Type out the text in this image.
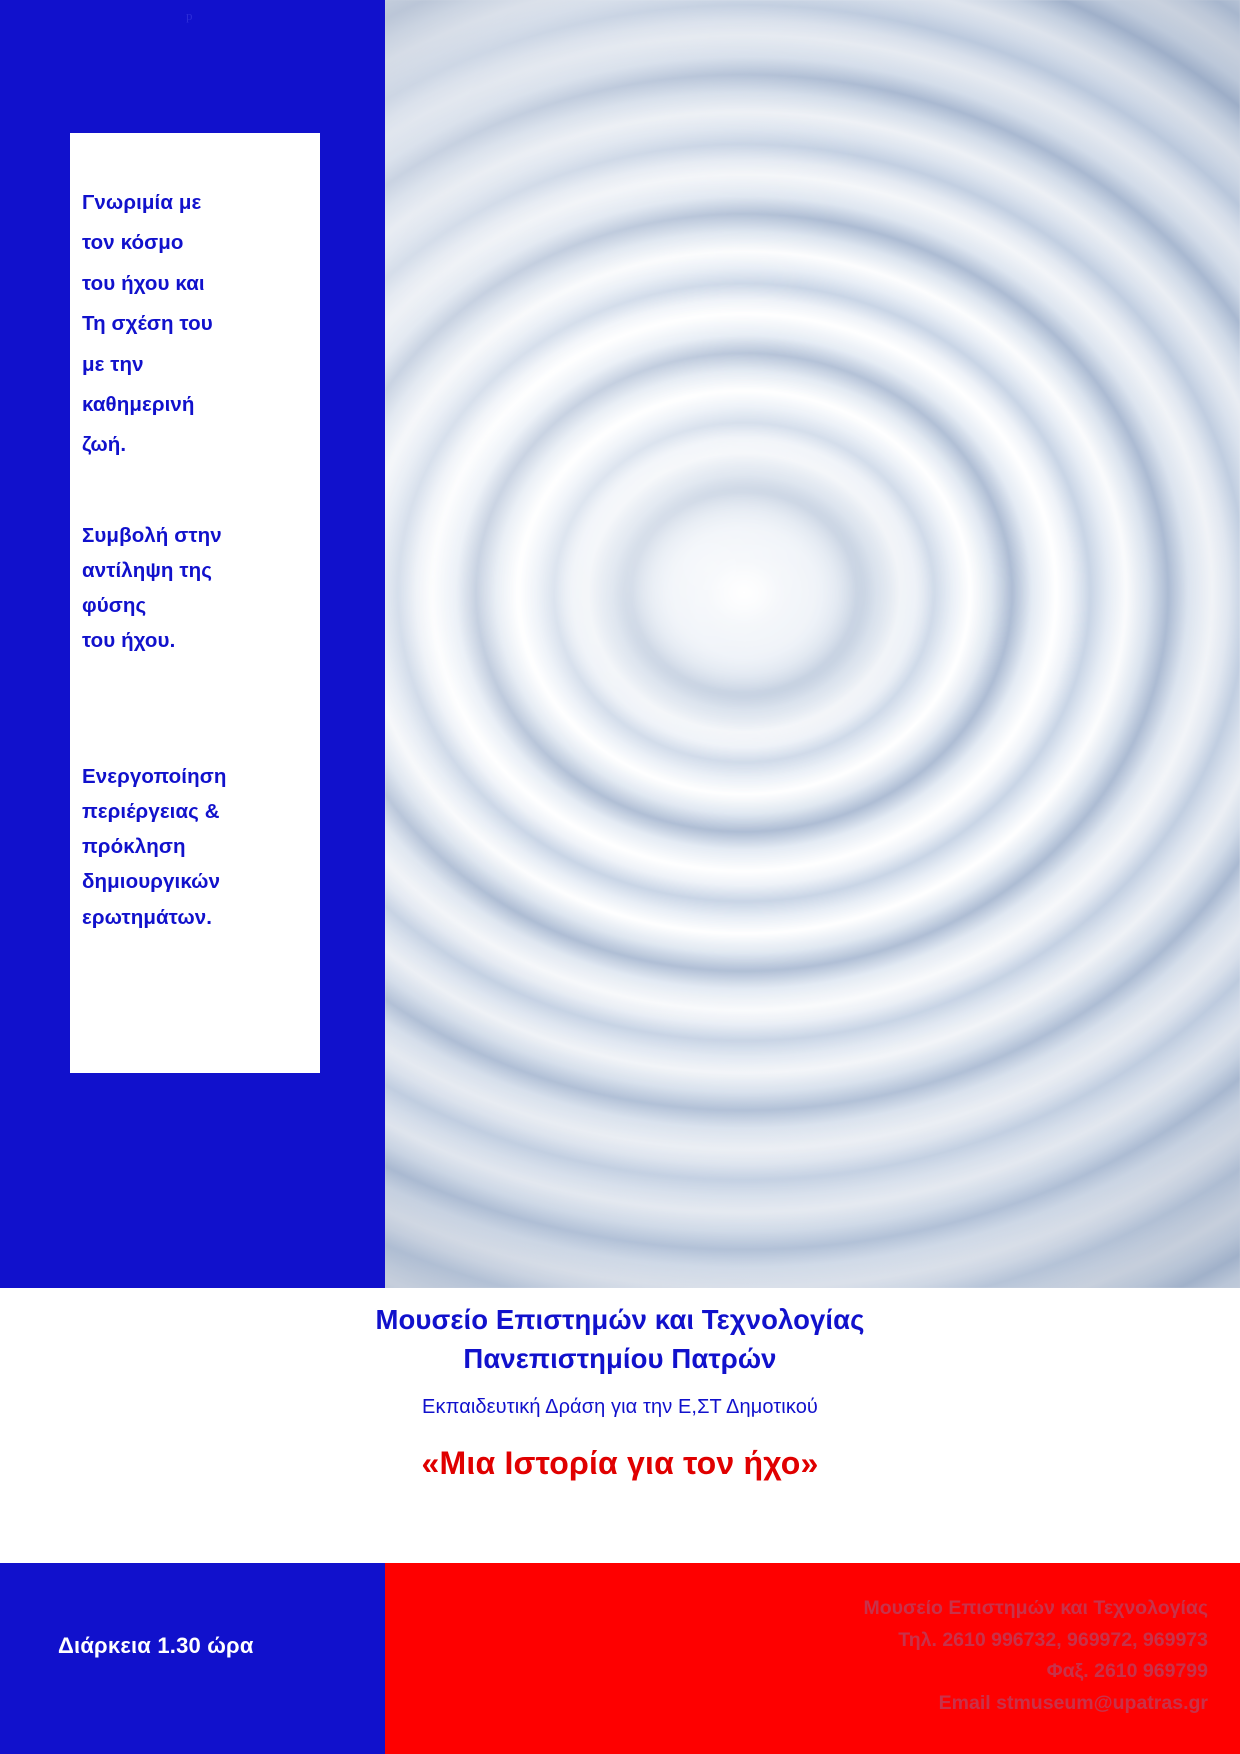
p

Γνωριμία με

τον κόσμο

του ήχου και

Τη σχέση του

με την

καθημερινή

ζωή.

Συμβολή στην

αντίληψη της

φύσης

του ήχου.

Ενεργοποίηση

περιέργειας &

πρόκληση

δημιουργικών

ερωτημάτων.

Μουσείο Επιστημών και Τεχνολογίας

Πανεπιστημίου Πατρών

Εκπαιδευτική Δράση για την Ε,ΣΤ Δημοτικού

«Μια Ιστορία για τον ήχο»

Διάρκεια 1.30 ώρα
Μουσείο Επιστημών και Τεχνολογίας
Τηλ. 2610 996732, 969972, 969973
Φαξ. 2610 969799
Email stmuseum@upatras.gr
